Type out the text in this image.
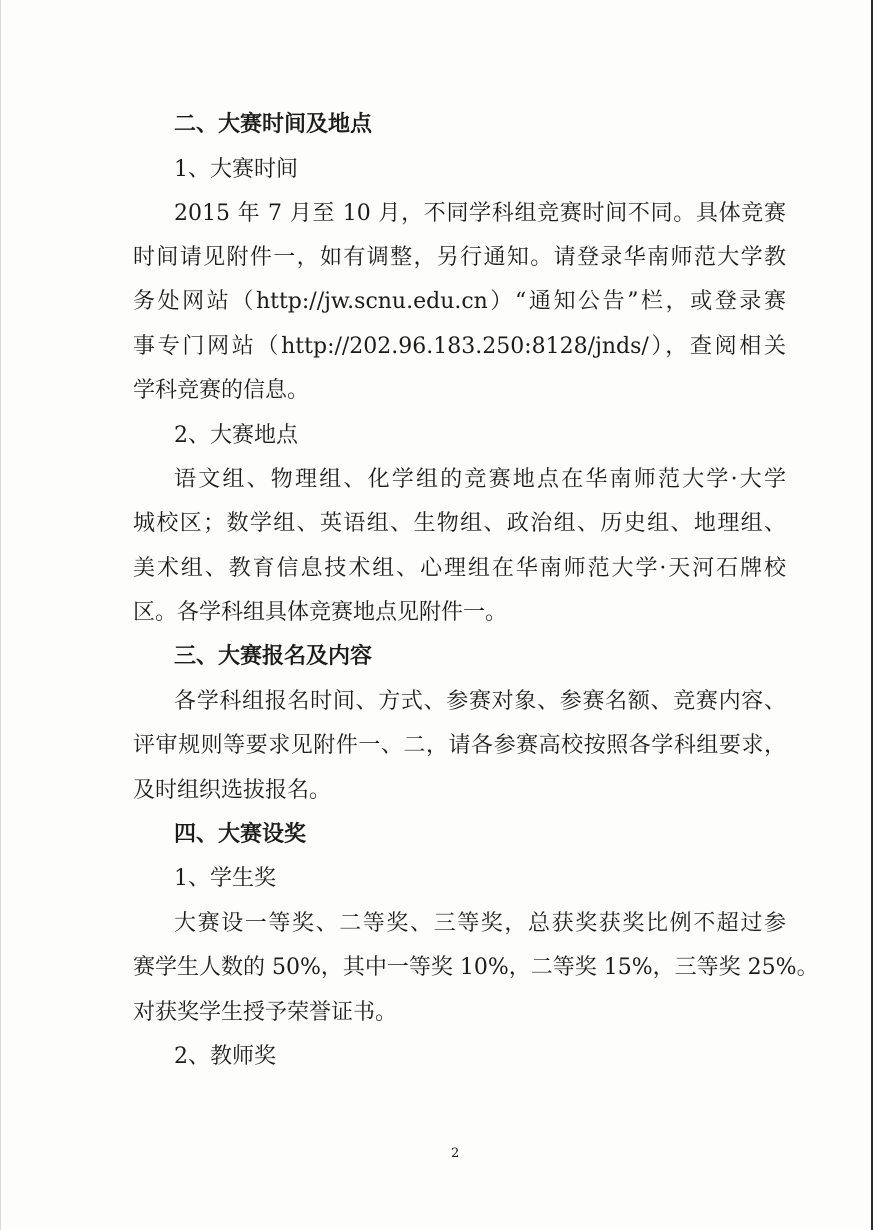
二、大赛时间及地点
1、大赛时间
2015 年 7 月至 10 月，不同学科组竞赛时间不同。具体竞赛
时间请见附件一，如有调整，另行通知。请登录华南师范大学教
务处网站（http://jw.scnu.edu.cn）“通知公告”栏，或登录赛
事专门网站（http://202.96.183.250:8128/jnds/），查阅相关
学科竞赛的信息。
2、大赛地点
语文组、物理组、化学组的竞赛地点在华南师范大学·大学
城校区；数学组、英语组、生物组、政治组、历史组、地理组、
美术组、教育信息技术组、心理组在华南师范大学·天河石牌校
区。各学科组具体竞赛地点见附件一。
三、大赛报名及内容
各学科组报名时间、方式、参赛对象、参赛名额、竞赛内容、
评审规则等要求见附件一、二，请各参赛高校按照各学科组要求，
及时组织选拔报名。
四、大赛设奖
1、学生奖
大赛设一等奖、二等奖、三等奖，总获奖获奖比例不超过参
赛学生人数的 50%，其中一等奖 10%，二等奖 15%，三等奖 25%。
对获奖学生授予荣誉证书。
2、教师奖
2
